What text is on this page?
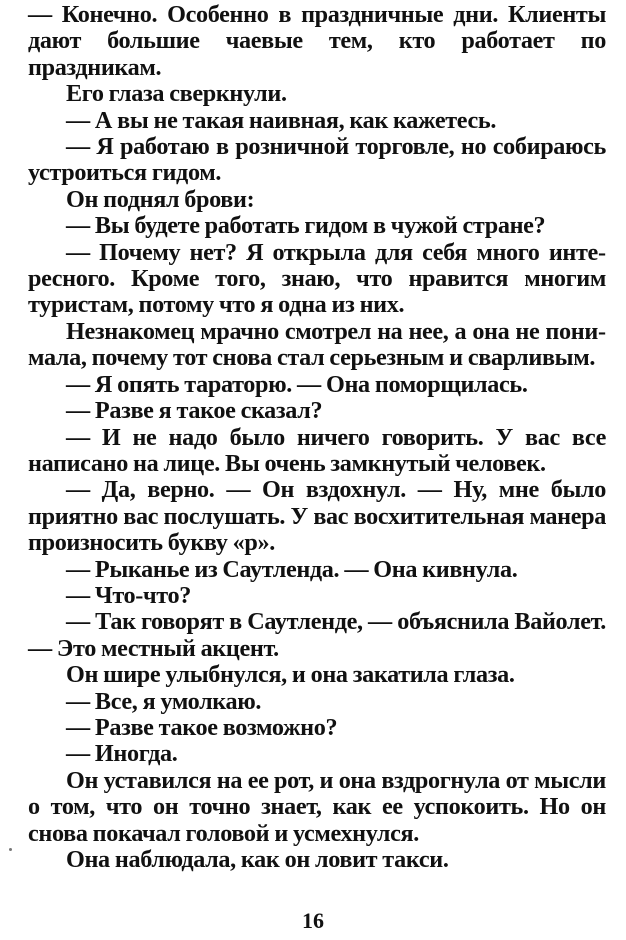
— Конечно. Особенно в праздничные дни. Клиенты дают большие чаевые тем, кто работает по праздникам.

Его глаза сверкнули.

— А вы не такая наивная, как кажетесь.

— Я работаю в розничной торговле, но собираюсь устроиться гидом.

Он поднял брови:

— Вы будете работать гидом в чужой стране?

— Почему нет? Я открыла для себя много интересного. Кроме того, знаю, что нравится многим туристам, потому что я одна из них.

Незнакомец мрачно смотрел на нее, а она не понимала, почему тот снова стал серьезным и сварливым.

— Я опять тараторю. — Она поморщилась.

— Разве я такое сказал?

— И не надо было ничего говорить. У вас все написано на лице. Вы очень замкнутый человек.

— Да, верно. — Он вздохнул. — Ну, мне было приятно вас послушать. У вас восхитительная манера произносить букву «р».

— Рыканье из Саутленда. — Она кивнула.

— Что-что?

— Так говорят в Саутленде, — объяснила Вайолет. — Это местный акцент.

Он шире улыбнулся, и она закатила глаза.

— Все, я умолкаю.

— Разве такое возможно?

— Иногда.

Он уставился на ее рот, и она вздрогнула от мысли о том, что он точно знает, как ее успокоить. Но он снова покачал головой и усмехнулся.

Она наблюдала, как он ловит такси.

16
